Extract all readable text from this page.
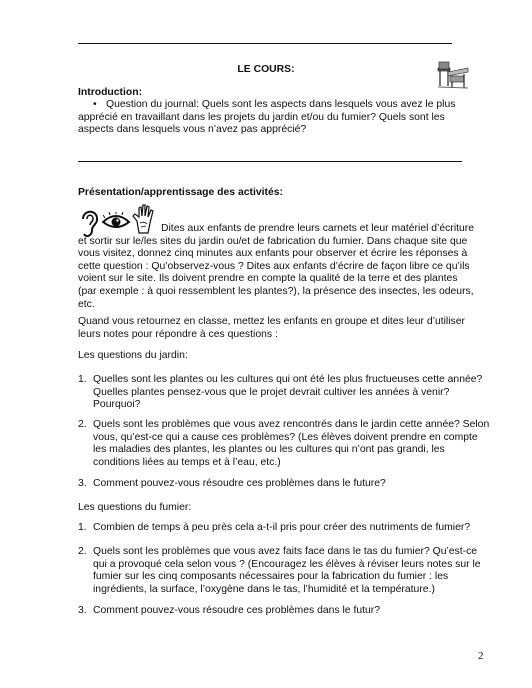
LE COURS:
Introduction:
• Question du journal: Quels sont les aspects dans lesquels vous avez le plus apprécié en travaillant dans les projets du jardin et/ou du fumier? Quels sont les aspects dans lesquels vous n’avez pas apprécié?
Présentation/apprentissage des activités:
Dites aux enfants de prendre leurs carnets et leur matériel d’écriture et sortir sur le/les sites du jardin ou/et de fabrication du fumier. Dans chaque site que vous visitez, donnez cinq minutes aux enfants pour observer et écrire les réponses à cette question : Qu’observez-vous ? Dites aux enfants d’écrire de façon libre ce qu’ils voient sur le site. Ils doivent prendre en compte la qualité de la terre et des plantes (par exemple : à quoi ressemblent les plantes?), la présence des insectes, les odeurs, etc.
Quand vous retournez en classe, mettez les enfants en groupe et dites leur d’utiliser leurs notes pour répondre à ces questions :
Les questions du jardin:
1. Quelles sont les plantes ou les cultures qui ont été les plus fructueuses cette année? Quelles plantes pensez-vous que le projet devrait cultiver les années à venir? Pourquoi?
2. Quels sont les problèmes que vous avez rencontrés dans le jardin cette année? Selon vous, qu’est-ce qui a cause ces problèmes? (Les élèves doivent prendre en compte les maladies des plantes, les plantes ou les cultures qui n’ont pas grandi, les conditions liées au temps et à l’eau, etc.)
3. Comment pouvez-vous résoudre ces problèmes dans le future?
Les questions du fumier:
1. Combien de temps à peu près cela a-t-il pris pour créer des nutriments de fumier?
2. Quels sont les problèmes que vous avez faits face dans le tas du fumier? Qu’est-ce qui a provoqué cela selon vous ? (Encouragez les élèves à réviser leurs notes sur le fumier sur les cinq composants nécessaires pour la fabrication du fumier : les ingrédients, la surface, l’oxygène dans le tas, l’humidité et la température.)
3. Comment pouvez-vous résoudre ces problèmes dans le futur?
2
